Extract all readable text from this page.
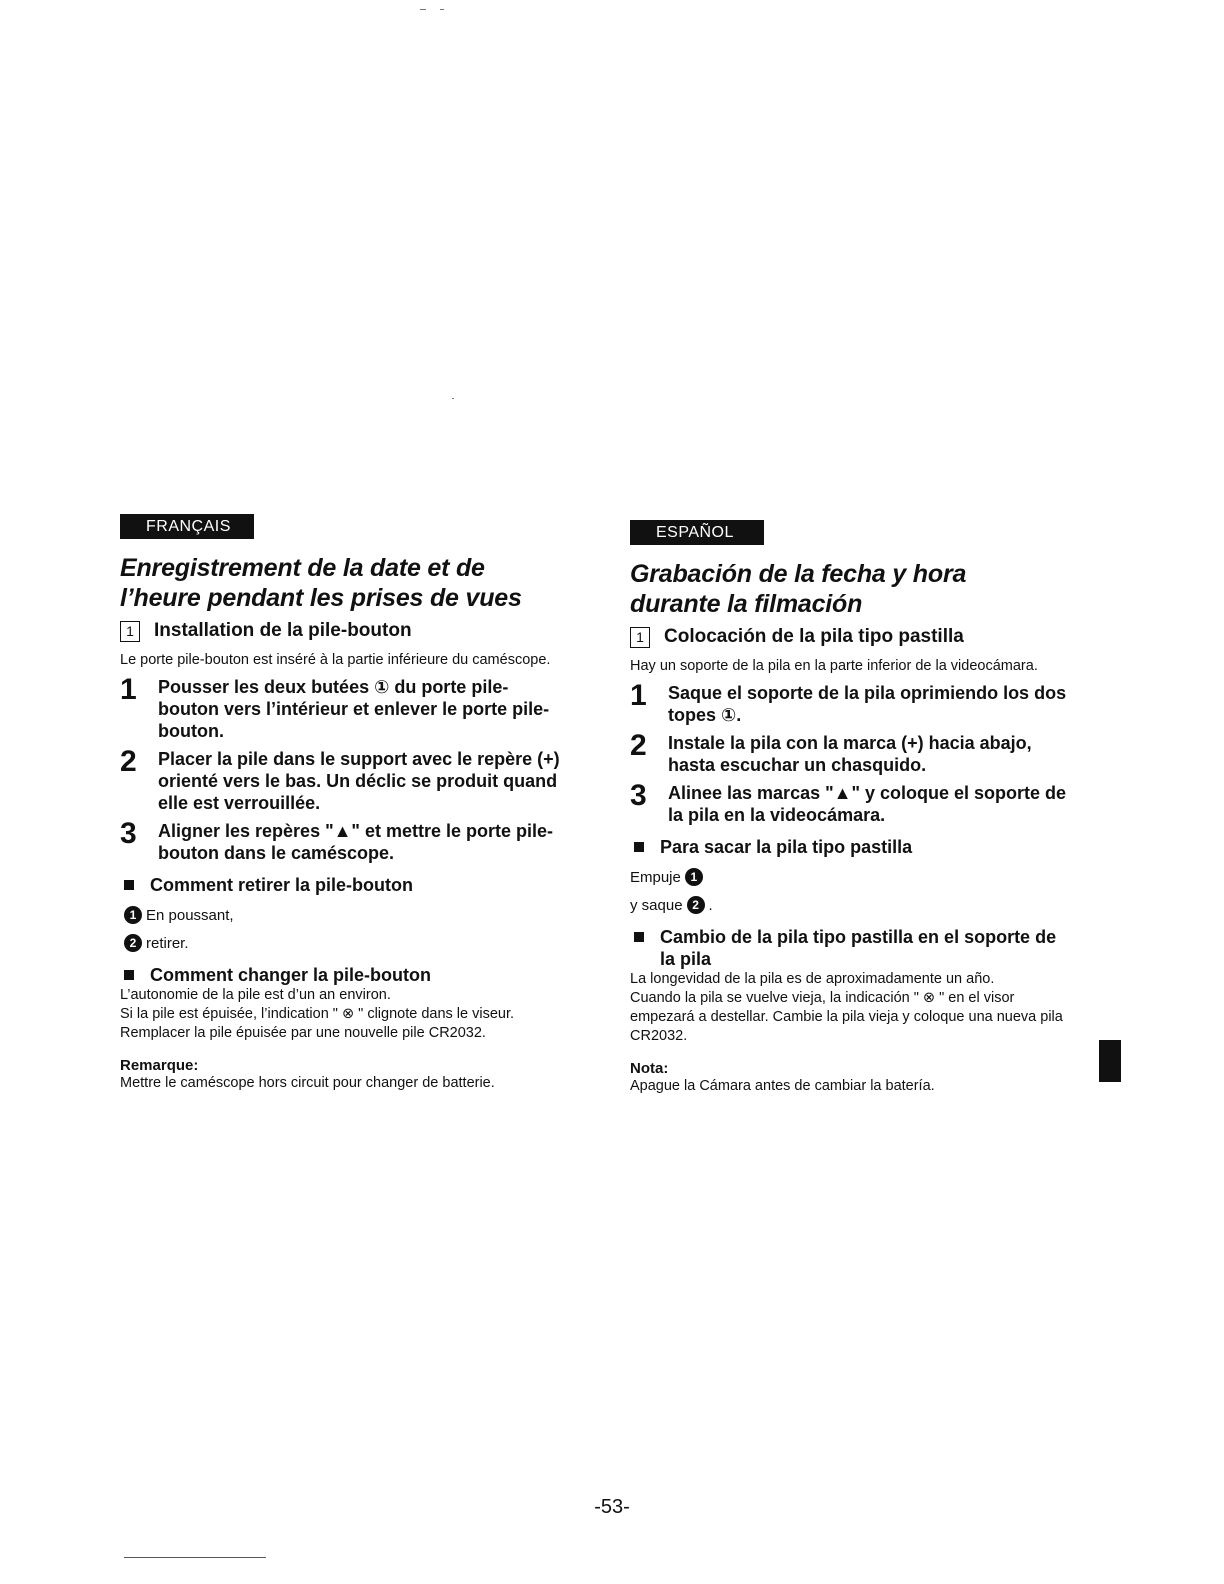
FRANÇAIS
Enregistrement de la date et de
l’heure pendant les prises de vues
1	Installation de la pile-bouton

Le porte pile-bouton est inséré à la partie inférieure du caméscope.

1	Pousser les deux butées ① du porte pile-bouton vers l’intérieur et enlever le porte pile-bouton.
2	Placer la pile dans le support avec le repère (+) orienté vers le bas. Un déclic se produit quand elle est verrouillée.
3	Aligner les repères "▲" et mettre le porte pile-bouton dans le caméscope.
Comment retirer la pile-bouton
1 En poussant,
2 retirer.
Comment changer la pile-bouton

L’autonomie de la pile est d’un an environ.

Si la pile est épuisée, l’indication " ⊗ " clignote dans le viseur. Remplacer la pile épuisée par une nouvelle pile CR2032.

Remarque:

Mettre le caméscope hors circuit pour changer de batterie.

ESPAÑOL
Grabación de la fecha y hora
durante la filmación
1	Colocación de la pila tipo pastilla

Hay un soporte de la pila en la parte inferior de la videocámara.

1	Saque el soporte de la pila oprimiendo los dos topes ①.
2	Instale la pila con la marca (+) hacia abajo, hasta escuchar un chasquido.
3	Alinee las marcas "▲" y coloque el soporte de la pila en la videocámara.
Para sacar la pila tipo pastilla
Empuje 1
y saque 2 .
Cambio de la pila tipo pastilla en el soporte de la pila

La longevidad de la pila es de aproximadamente un año.

Cuando la pila se vuelve vieja, la indicación " ⊗ " en el visor empezará a destellar. Cambie la pila vieja y coloque una nueva pila CR2032.

Nota:

Apague la Cámara antes de cambiar la batería.

-53-
